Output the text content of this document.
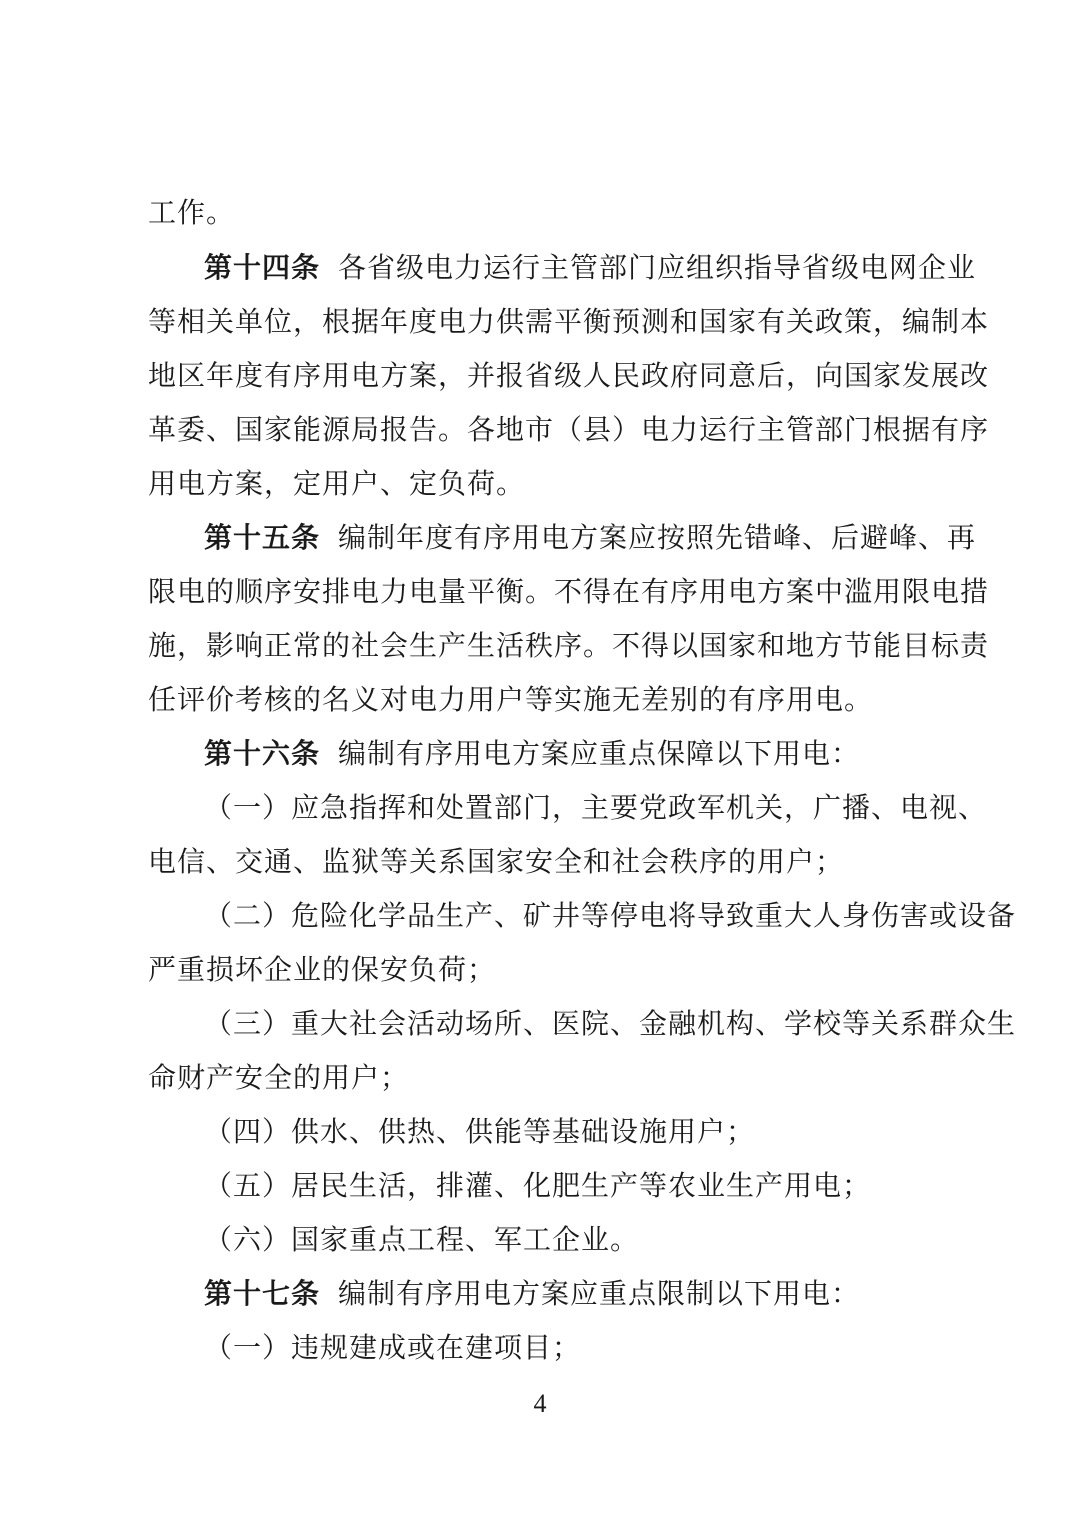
工作。
第十四条 各省级电力运行主管部门应组织指导省级电网企业
等相关单位，根据年度电力供需平衡预测和国家有关政策，编制本
地区年度有序用电方案，并报省级人民政府同意后，向国家发展改
革委、国家能源局报告。各地市（县）电力运行主管部门根据有序
用电方案，定用户、定负荷。
第十五条 编制年度有序用电方案应按照先错峰、后避峰、再
限电的顺序安排电力电量平衡。不得在有序用电方案中滥用限电措
施，影响正常的社会生产生活秩序。不得以国家和地方节能目标责
任评价考核的名义对电力用户等实施无差别的有序用电。
第十六条 编制有序用电方案应重点保障以下用电：
（一）应急指挥和处置部门，主要党政军机关，广播、电视、
电信、交通、监狱等关系国家安全和社会秩序的用户；
（二）危险化学品生产、矿井等停电将导致重大人身伤害或设备
严重损坏企业的保安负荷；
（三）重大社会活动场所、医院、金融机构、学校等关系群众生
命财产安全的用户；
（四）供水、供热、供能等基础设施用户；
（五）居民生活，排灌、化肥生产等农业生产用电；
（六）国家重点工程、军工企业。
第十七条 编制有序用电方案应重点限制以下用电：
（一）违规建成或在建项目；
4
